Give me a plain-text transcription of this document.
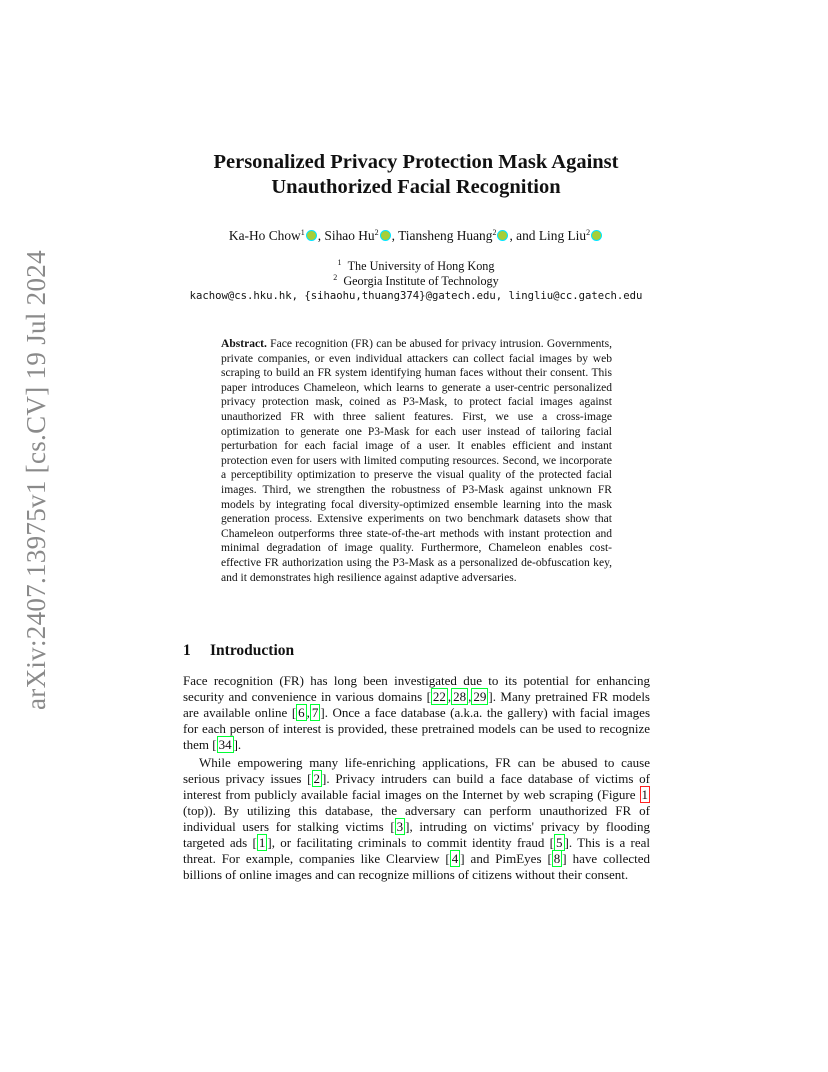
arXiv:2407.13975v1 [cs.CV] 19 Jul 2024
Personalized Privacy Protection Mask Against
Unauthorized Facial Recognition
Ka-Ho Chow$^1$ , Sihao Hu$^2$ , Tiansheng Huang$^2$ , and Ling Liu$^2$
$^1$ The University of Hong Kong
$^2$ Georgia Institute of Technology
kachow@cs.hku.hk, {sihaohu,thuang374}@gatech.edu, lingliu@cc.gatech.edu
Abstract. Face recognition (FR) can be abused for privacy intrusion. Governments, private companies, or even individual attackers can collect facial images by web scraping to build an FR system identifying human faces without their consent. This paper introduces Chameleon, which learns to generate a user-centric personalized privacy protection mask, coined as P3-Mask, to protect facial images against unauthorized FR with three salient features. First, we use a cross-image optimization to generate one P3-Mask for each user instead of tailoring facial perturbation for each facial image of a user. It enables efficient and instant protection even for users with limited computing resources. Second, we incorporate a perceptibility optimization to preserve the visual quality of the protected facial images. Third, we strengthen the robustness of P3-Mask against unknown FR models by integrating focal diversity-optimized ensemble learning into the mask generation process. Extensive experiments on two benchmark datasets show that Chameleon outperforms three state-of-the-art methods with instant protection and minimal degradation of image quality. Furthermore, Chameleon enables cost-effective FR authorization using the P3-Mask as a personalized de-obfuscation key, and it demonstrates high resilience against adaptive adversaries.
1 Introduction
Face recognition (FR) has long been investigated due to its potential for enhancing security and convenience in various domains [ 22 , 28 , 29 ]. Many pretrained FR models are available online [ 6 , 7 ]. Once a face database (a.k.a. the gallery) with facial images for each person of interest is provided, these pretrained models can be used to recognize them [ 34 ].
While empowering many life-enriching applications, FR can be abused to cause serious privacy issues [ 2 ]. Privacy intruders can build a face database of victims of interest from publicly available facial images on the Internet by web scraping (Figure 1 (top)). By utilizing this database, the adversary can perform unauthorized FR of individual users for stalking victims [ 3 ], intruding on victims' privacy by flooding targeted ads [ 1 ], or facilitating criminals to commit identity fraud [ 5 ]. This is a real threat. For example, companies like Clearview [ 4 ] and PimEyes [ 8 ] have collected billions of online images and can recognize millions of citizens without their consent.
